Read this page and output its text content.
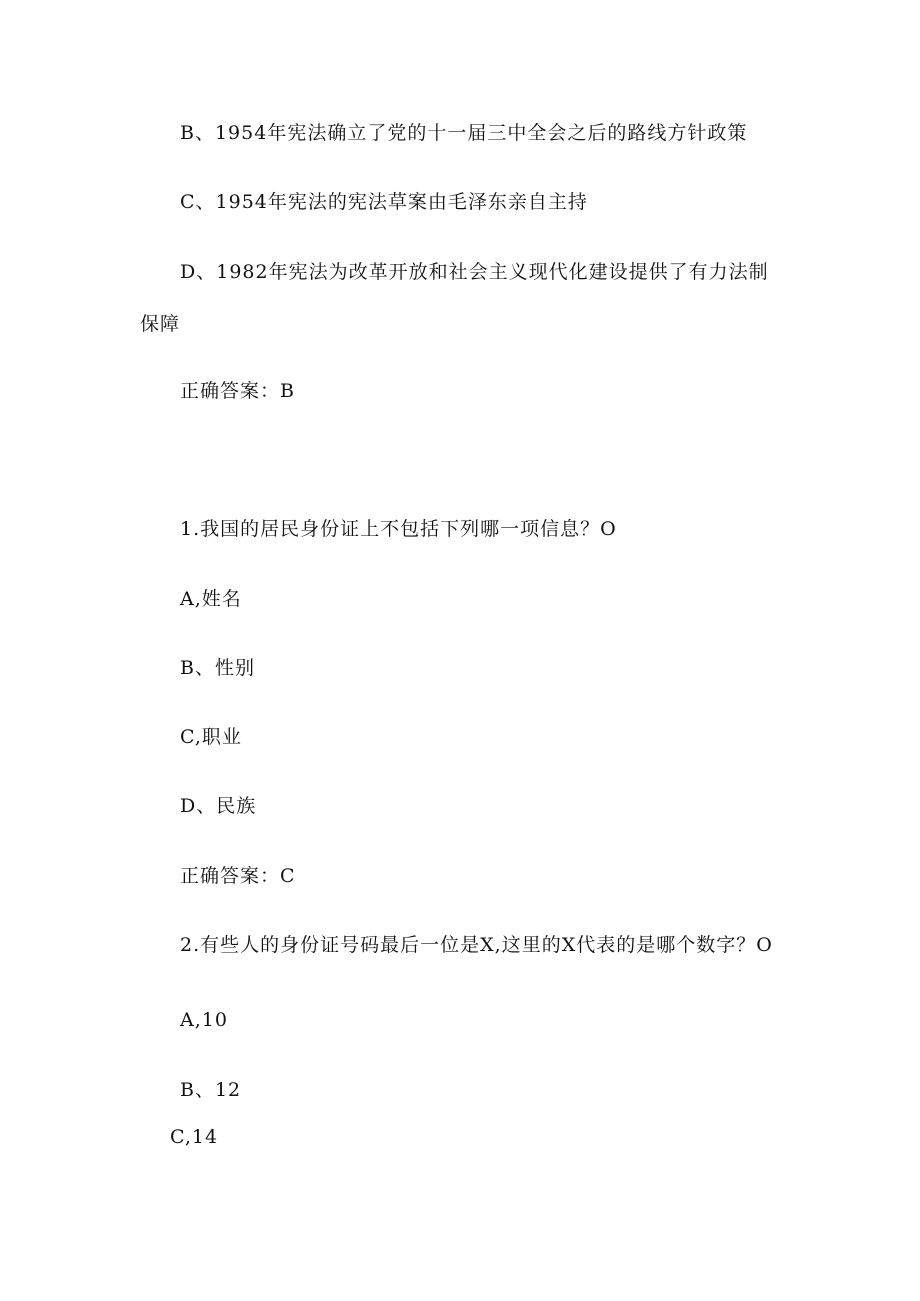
B、1954年宪法确立了党的十一届三中全会之后的路线方针政策
C、1954年宪法的宪法草案由毛泽东亲自主持
D、1982年宪法为改革开放和社会主义现代化建设提供了有力法制
保障
正确答案：B
1.我国的居民身份证上不包括下列哪一项信息？O
A,姓名
B、性别
C,职业
D、民族
正确答案：C
2.有些人的身份证号码最后一位是X,这里的X代表的是哪个数字？O
A,10
B、12
C,14
